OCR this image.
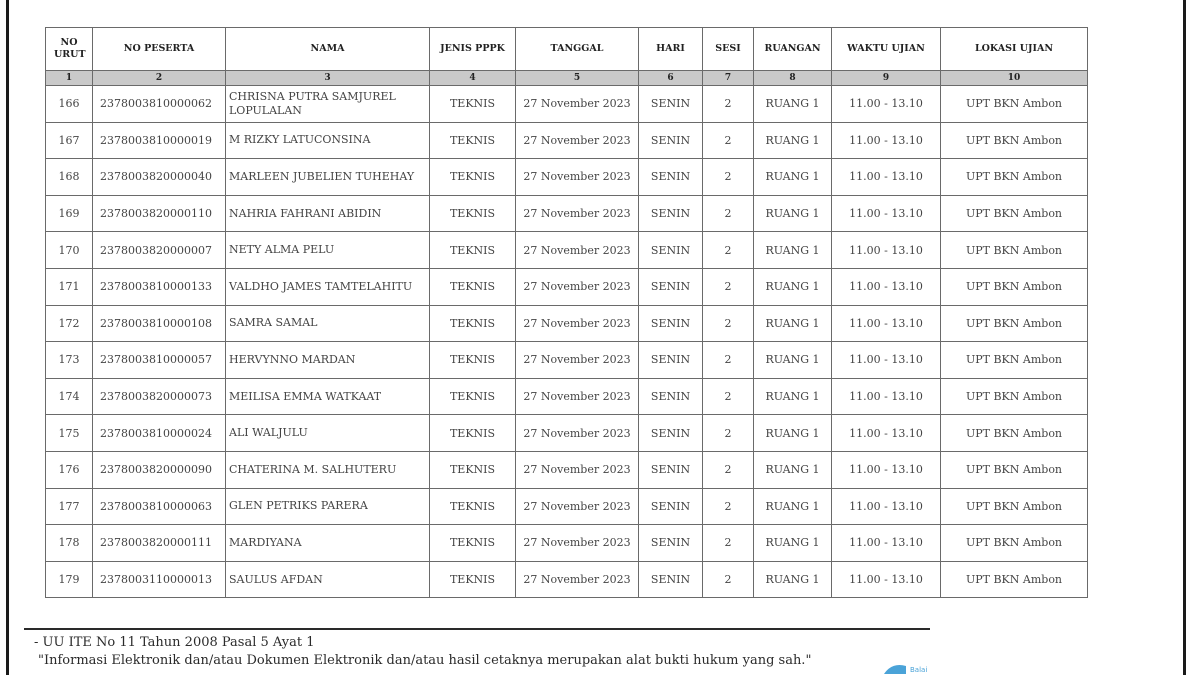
NO URUT	NO PESERTA	NAMA	JENIS PPPK	TANGGAL	HARI	SESI	RUANGAN	WAKTU UJIAN	LOKASI UJIAN
1	2	3	4	5	6	7	8	9	10
166	2378003810000062	CHRISNA PUTRA SAMJUREL LOPULALAN	TEKNIS	27 November 2023	SENIN	2	RUANG 1	11.00 - 13.10	UPT BKN Ambon
167	2378003810000019	M RIZKY LATUCONSINA	TEKNIS	27 November 2023	SENIN	2	RUANG 1	11.00 - 13.10	UPT BKN Ambon
168	2378003820000040	MARLEEN JUBELIEN TUHEHAY	TEKNIS	27 November 2023	SENIN	2	RUANG 1	11.00 - 13.10	UPT BKN Ambon
169	2378003820000110	NAHRIA FAHRANI ABIDIN	TEKNIS	27 November 2023	SENIN	2	RUANG 1	11.00 - 13.10	UPT BKN Ambon
170	2378003820000007	NETY ALMA PELU	TEKNIS	27 November 2023	SENIN	2	RUANG 1	11.00 - 13.10	UPT BKN Ambon
171	2378003810000133	VALDHO JAMES TAMTELAHITU	TEKNIS	27 November 2023	SENIN	2	RUANG 1	11.00 - 13.10	UPT BKN Ambon
172	2378003810000108	SAMRA SAMAL	TEKNIS	27 November 2023	SENIN	2	RUANG 1	11.00 - 13.10	UPT BKN Ambon
173	2378003810000057	HERVYNNO MARDAN	TEKNIS	27 November 2023	SENIN	2	RUANG 1	11.00 - 13.10	UPT BKN Ambon
174	2378003820000073	MEILISA EMMA WATKAAT	TEKNIS	27 November 2023	SENIN	2	RUANG 1	11.00 - 13.10	UPT BKN Ambon
175	2378003810000024	ALI WALJULU	TEKNIS	27 November 2023	SENIN	2	RUANG 1	11.00 - 13.10	UPT BKN Ambon
176	2378003820000090	CHATERINA M. SALHUTERU	TEKNIS	27 November 2023	SENIN	2	RUANG 1	11.00 - 13.10	UPT BKN Ambon
177	2378003810000063	GLEN PETRIKS PARERA	TEKNIS	27 November 2023	SENIN	2	RUANG 1	11.00 - 13.10	UPT BKN Ambon
178	2378003820000111	MARDIYANA	TEKNIS	27 November 2023	SENIN	2	RUANG 1	11.00 - 13.10	UPT BKN Ambon
179	2378003110000013	SAULUS AFDAN	TEKNIS	27 November 2023	SENIN	2	RUANG 1	11.00 - 13.10	UPT BKN Ambon
- UU ITE No 11 Tahun 2008 Pasal 5 Ayat 1
"Informasi Elektronik dan/atau Dokumen Elektronik dan/atau hasil cetaknya merupakan alat bukti hukum yang sah."
Balai
